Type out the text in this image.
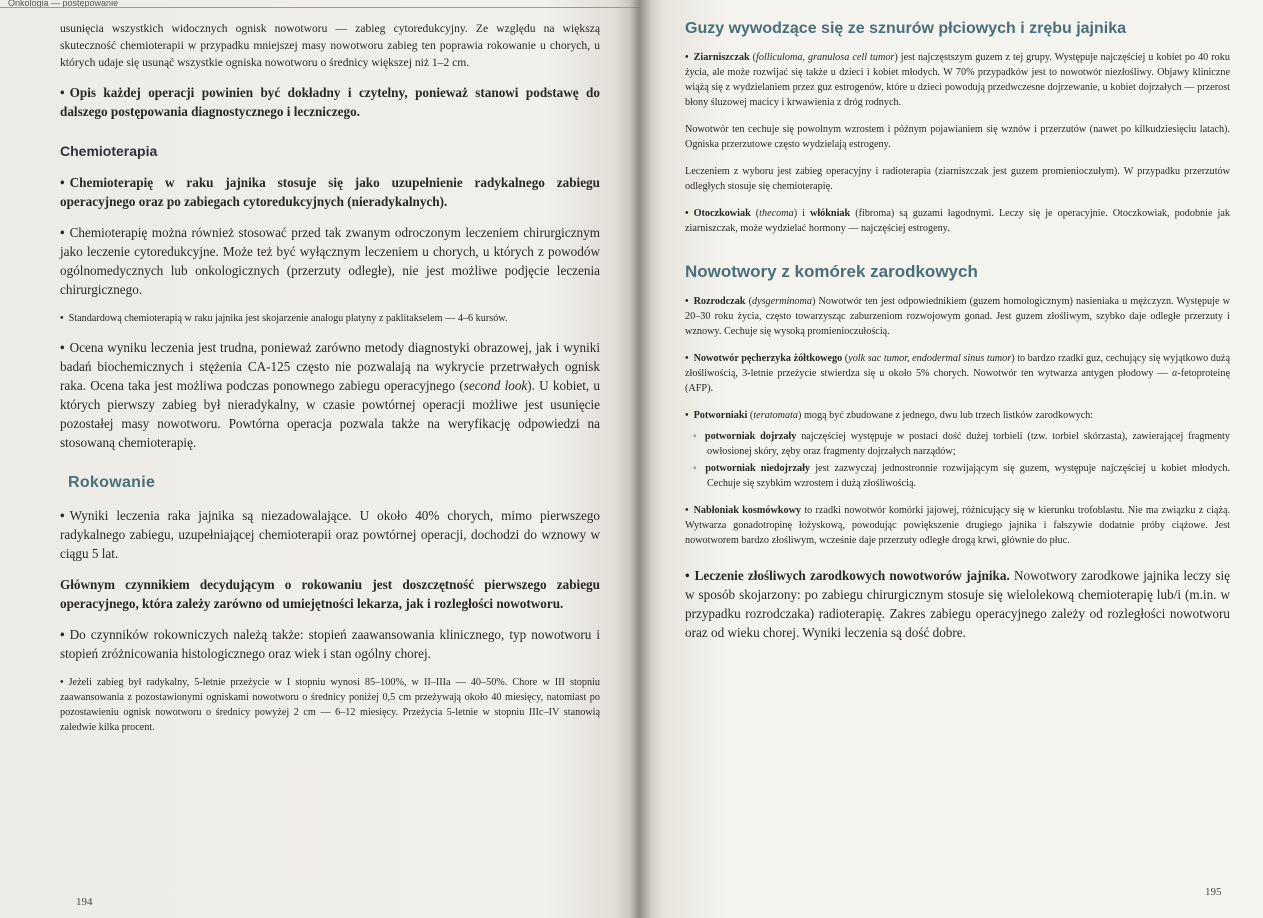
Onkologia — postępowanie

usunięcia wszystkich widocznych ognisk nowotworu — zabieg cytoredukcyjny. Ze względu na większą skuteczność chemioterapii w przypadku mniejszej masy nowotworu zabieg ten poprawia rokowanie u chorych, u których udaje się usunąć wszystkie ogniska nowotworu o średnicy większej niż 1–2 cm.

• Opis każdej operacji powinien być dokładny i czytelny, ponieważ stanowi podstawę do dalszego postępowania diagnostycznego i leczniczego.

Chemioterapia

• Chemioterapię w raku jajnika stosuje się jako uzupełnienie radykalnego zabiegu operacyjnego oraz po zabiegach cytoredukcyjnych (nieradykalnych).

• Chemioterapię można również stosować przed tak zwanym odroczonym leczeniem chirurgicznym jako leczenie cytoredukcyjne. Może też być wyłącznym leczeniem u chorych, u których z powodów ogólnomedycznych lub onkologicznych (przerzuty odległe), nie jest możliwe podjęcie leczenia chirurgicznego.

• Standardową chemioterapią w raku jajnika jest skojarzenie analogu platyny z paklitakselem — 4–6 kursów.

• Ocena wyniku leczenia jest trudna, ponieważ zarówno metody diagnostyki obrazowej, jak i wyniki badań biochemicznych i stężenia CA-125 często nie pozwalają na wykrycie przetrwałych ognisk raka. Ocena taka jest możliwa podczas ponownego zabiegu operacyjnego (second look). U kobiet, u których pierwszy zabieg był nieradykalny, w czasie powtórnej operacji możliwe jest usunięcie pozostałej masy nowotworu. Powtórna operacja pozwala także na weryfikację odpowiedzi na stosowaną chemioterapię.

Rokowanie

• Wyniki leczenia raka jajnika są niezadowalające. U około 40% chorych, mimo pierwszego radykalnego zabiegu, uzupełniającej chemioterapii oraz powtórnej operacji, dochodzi do wznowy w ciągu 5 lat.

Głównym czynnikiem decydującym o rokowaniu jest doszczętność pierwszego zabiegu operacyjnego, która zależy zarówno od umiejętności lekarza, jak i rozległości nowotworu.

• Do czynników rokowniczych należą także: stopień zaawansowania klinicznego, typ nowotworu i stopień zróżnicowania histologicznego oraz wiek i stan ogólny chorej.

• Jeżeli zabieg był radykalny, 5-letnie przeżycie w I stopniu wynosi 85–100%, w II–IIIa — 40–50%. Chore w III stopniu zaawansowania z pozostawionymi ogniskami nowotworu o średnicy poniżej 0,5 cm przeżywają około 40 miesięcy, natomiast po pozostawieniu ognisk nowotworu o średnicy powyżej 2 cm — 6–12 miesięcy. Przeżycia 5-letnie w stopniu IIIc–IV stanowią zaledwie kilka procent.

194
Guzy wywodzące się ze sznurów płciowych i zrębu jajnika

• Ziarniszczak (folliculoma, granulosa cell tumor) jest najczęstszym guzem z tej grupy. Występuje najczęściej u kobiet po 40 roku życia, ale może rozwijać się także u dzieci i kobiet młodych. W 70% przypadków jest to nowotwór niezłośliwy. Objawy kliniczne wiążą się z wydzielaniem przez guz estrogenów, które u dzieci powodują przedwczesne dojrzewanie, u kobiet dojrzałych — przerost błony śluzowej macicy i krwawienia z dróg rodnych.

Nowotwór ten cechuje się powolnym wzrostem i późnym pojawianiem się wznów i przerzutów (nawet po kilkudziesięciu latach). Ogniska przerzutowe często wydzielają estrogeny.

Leczeniem z wyboru jest zabieg operacyjny i radioterapia (ziarniszczak jest guzem promienioczułym). W przypadku przerzutów odległych stosuje się chemioterapię.

• Otoczkowiak (thecoma) i włókniak (fibroma) są guzami łagodnymi. Leczy się je operacyjnie. Otoczkowiak, podobnie jak ziarniszczak, może wydzielać hormony — najczęściej estrogeny.

Nowotwory z komórek zarodkowych

• Rozrodczak (dysgerminoma) Nowotwór ten jest odpowiednikiem (guzem homologicznym) nasieniaka u mężczyzn. Występuje w 20–30 roku życia, często towarzysząc zaburzeniom rozwojowym gonad. Jest guzem złośliwym, szybko daje odległe przerzuty i wznowy. Cechuje się wysoką promienioczułością.

• Nowotwór pęcherzyka żółtkowego (yolk sac tumor, endodermal sinus tumor) to bardzo rzadki guz, cechujący się wyjątkowo dużą złośliwością, 3-letnie przeżycie stwierdza się u około 5% chorych. Nowotwór ten wytwarza antygen płodowy — α-fetoproteinę (AFP).

• Potworniaki (teratomata) mogą być zbudowane z jednego, dwu lub trzech listków zarodkowych:

◦ potworniak dojrzały najczęściej występuje w postaci dość dużej torbieli (tzw. torbiel skórzasta), zawierającej fragmenty owłosionej skóry, zęby oraz fragmenty dojrzałych narządów;

◦ potworniak niedojrzały jest zazwyczaj jednostronnie rozwijającym się guzem, występuje najczęściej u kobiet młodych. Cechuje się szybkim wzrostem i dużą złośliwością.

• Nabłoniak kosmówkowy to rzadki nowotwór komórki jajowej, różnicujący się w kierunku trofoblastu. Nie ma związku z ciążą. Wytwarza gonadotropinę łożyskową, powodując powiększenie drugiego jajnika i fałszywie dodatnie próby ciążowe. Jest nowotworem bardzo złośliwym, wcześnie daje przerzuty odległe drogą krwi, głównie do płuc.

• Leczenie złośliwych zarodkowych nowotworów jajnika. Nowotwory zarodkowe jajnika leczy się w sposób skojarzony: po zabiegu chirurgicznym stosuje się wielolekową chemioterapię lub/i (m.in. w przypadku rozrodczaka) radioterapię. Zakres zabiegu operacyjnego zależy od rozległości nowotworu oraz od wieku chorej. Wyniki leczenia są dość dobre.

195
